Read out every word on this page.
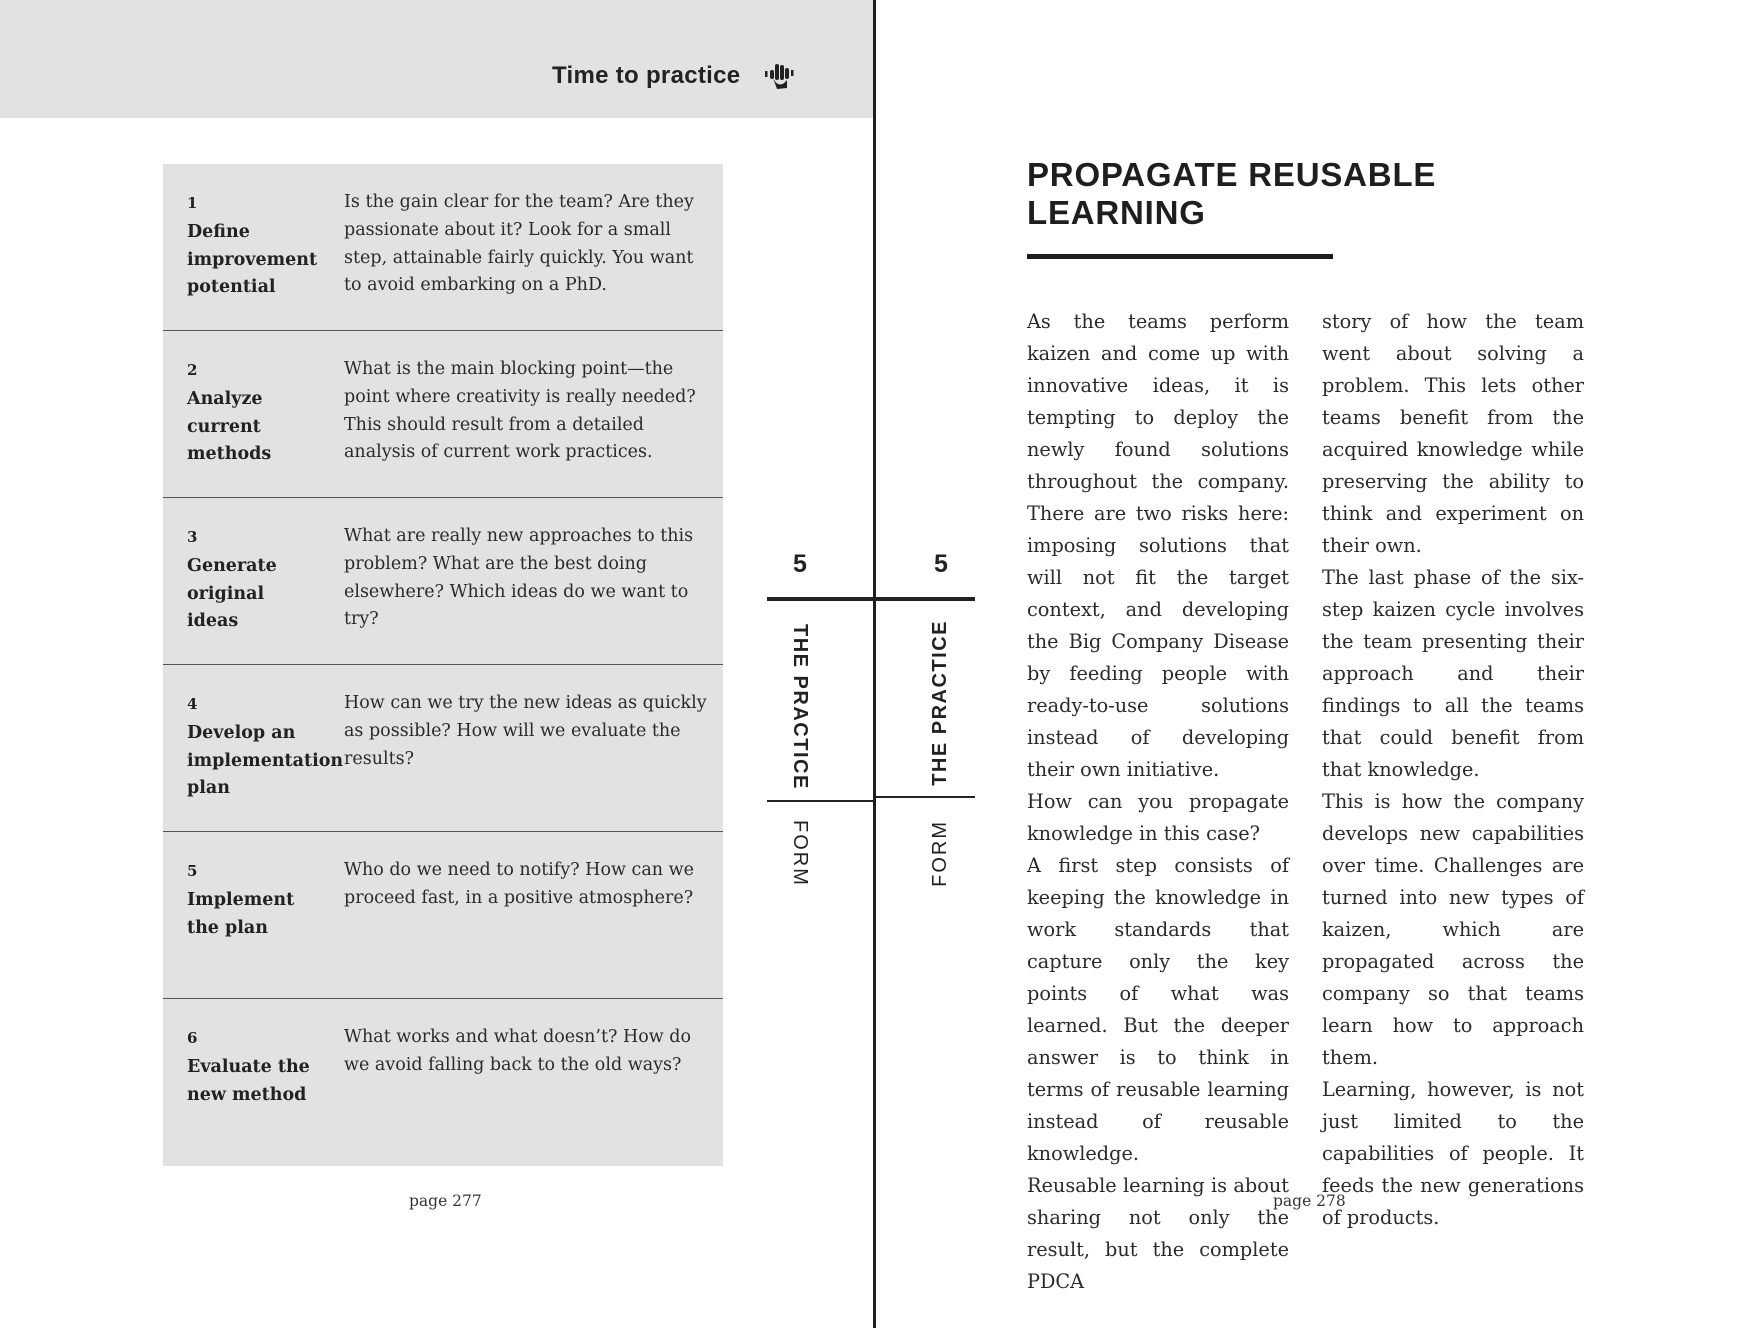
Time to practice
1
Define improvement potential
Is the gain clear for the team? Are they passionate about it? Look for a small step, attainable fairly quickly. You want to avoid embarking on a PhD.
2
Analyze current methods
What is the main blocking point—the point where creativity is really needed? This should result from a detailed analysis of current work practices.
3
Generate original ideas
What are really new approaches to this problem? What are the best doing elsewhere? Which ideas do we want to try?
4
Develop an implementation plan
How can we try the new ideas as quickly as possible? How will we evaluate the results?
5
Implement the plan
Who do we need to notify? How can we proceed fast, in a positive atmosphere?
6
Evaluate the new method
What works and what doesn’t? How do we avoid falling back to the old ways?
page 277	page 278
5	5
THE PRACTICE
FORM
THE PRACTICE
FORM
PROPAGATE REUSABLE
LEARNING

As the teams perform kaizen and come up with innovative ideas, it is tempting to deploy the newly found solutions throughout the company. There are two risks here: imposing solutions that will not fit the target context, and developing the Big Company Disease by feeding people with ready-to-use solutions instead of developing their own initiative.

How can you propagate knowledge in this case?

A first step consists of keeping the knowledge in work standards that capture only the key points of what was learned. But the deeper answer is to think in terms of reusable learning instead of reusable knowledge.

Reusable learning is about sharing not only the result, but the complete PDCA

story of how the team went about solving a problem. This lets other teams benefit from the acquired knowledge while preserving the ability to think and experiment on their own.

The last phase of the six-step kaizen cycle involves the team presenting their approach and their findings to all the teams that could benefit from that knowledge.

This is how the company develops new capabilities over time. Challenges are turned into new types of kaizen, which are propagated across the company so that teams learn how to approach them.

Learning, however, is not just limited to the capabilities of people. It feeds the new generations of products.
